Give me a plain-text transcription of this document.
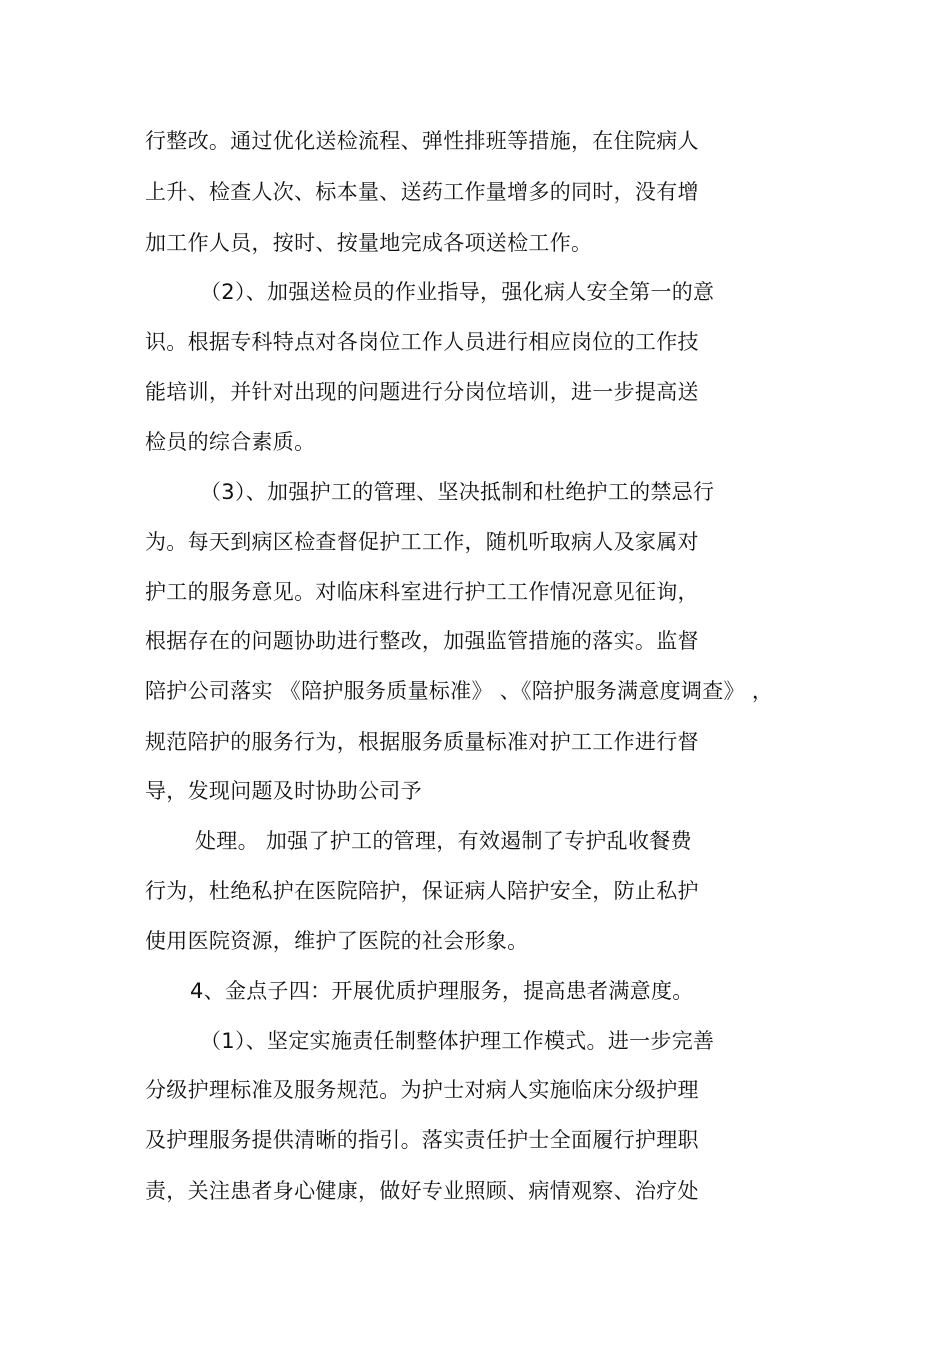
行整改。通过优化送检流程、弹性排班等措施，在住院病人

上升、检查人次、标本量、送药工作量增多的同时，没有增

加工作人员，按时、按量地完成各项送检工作。

（2）、加强送检员的作业指导，强化病人安全第一的意

识。根据专科特点对各岗位工作人员进行相应岗位的工作技

能培训，并针对出现的问题进行分岗位培训，进一步提高送

检员的综合素质。

（3）、加强护工的管理、坚决抵制和杜绝护工的禁忌行

为。每天到病区检查督促护工工作，随机听取病人及家属对

护工的服务意见。对临床科室进行护工工作情况意见征询，

根据存在的问题协助进行整改，加强监管措施的落实。监督

陪护公司落实 《陪护服务质量标准》 、《陪护服务满意度调查》 ，

规范陪护的服务行为，根据服务质量标准对护工工作进行督

导，发现问题及时协助公司予

处理。 加强了护工的管理，有效遏制了专护乱收餐费

行为，杜绝私护在医院陪护，保证病人陪护安全，防止私护

使用医院资源，维护了医院的社会形象。

4、金点子四：开展优质护理服务，提高患者满意度。

（1）、坚定实施责任制整体护理工作模式。进一步完善

分级护理标准及服务规范。为护士对病人实施临床分级护理

及护理服务提供清晰的指引。落实责任护士全面履行护理职

责，关注患者身心健康，做好专业照顾、病情观察、治疗处
